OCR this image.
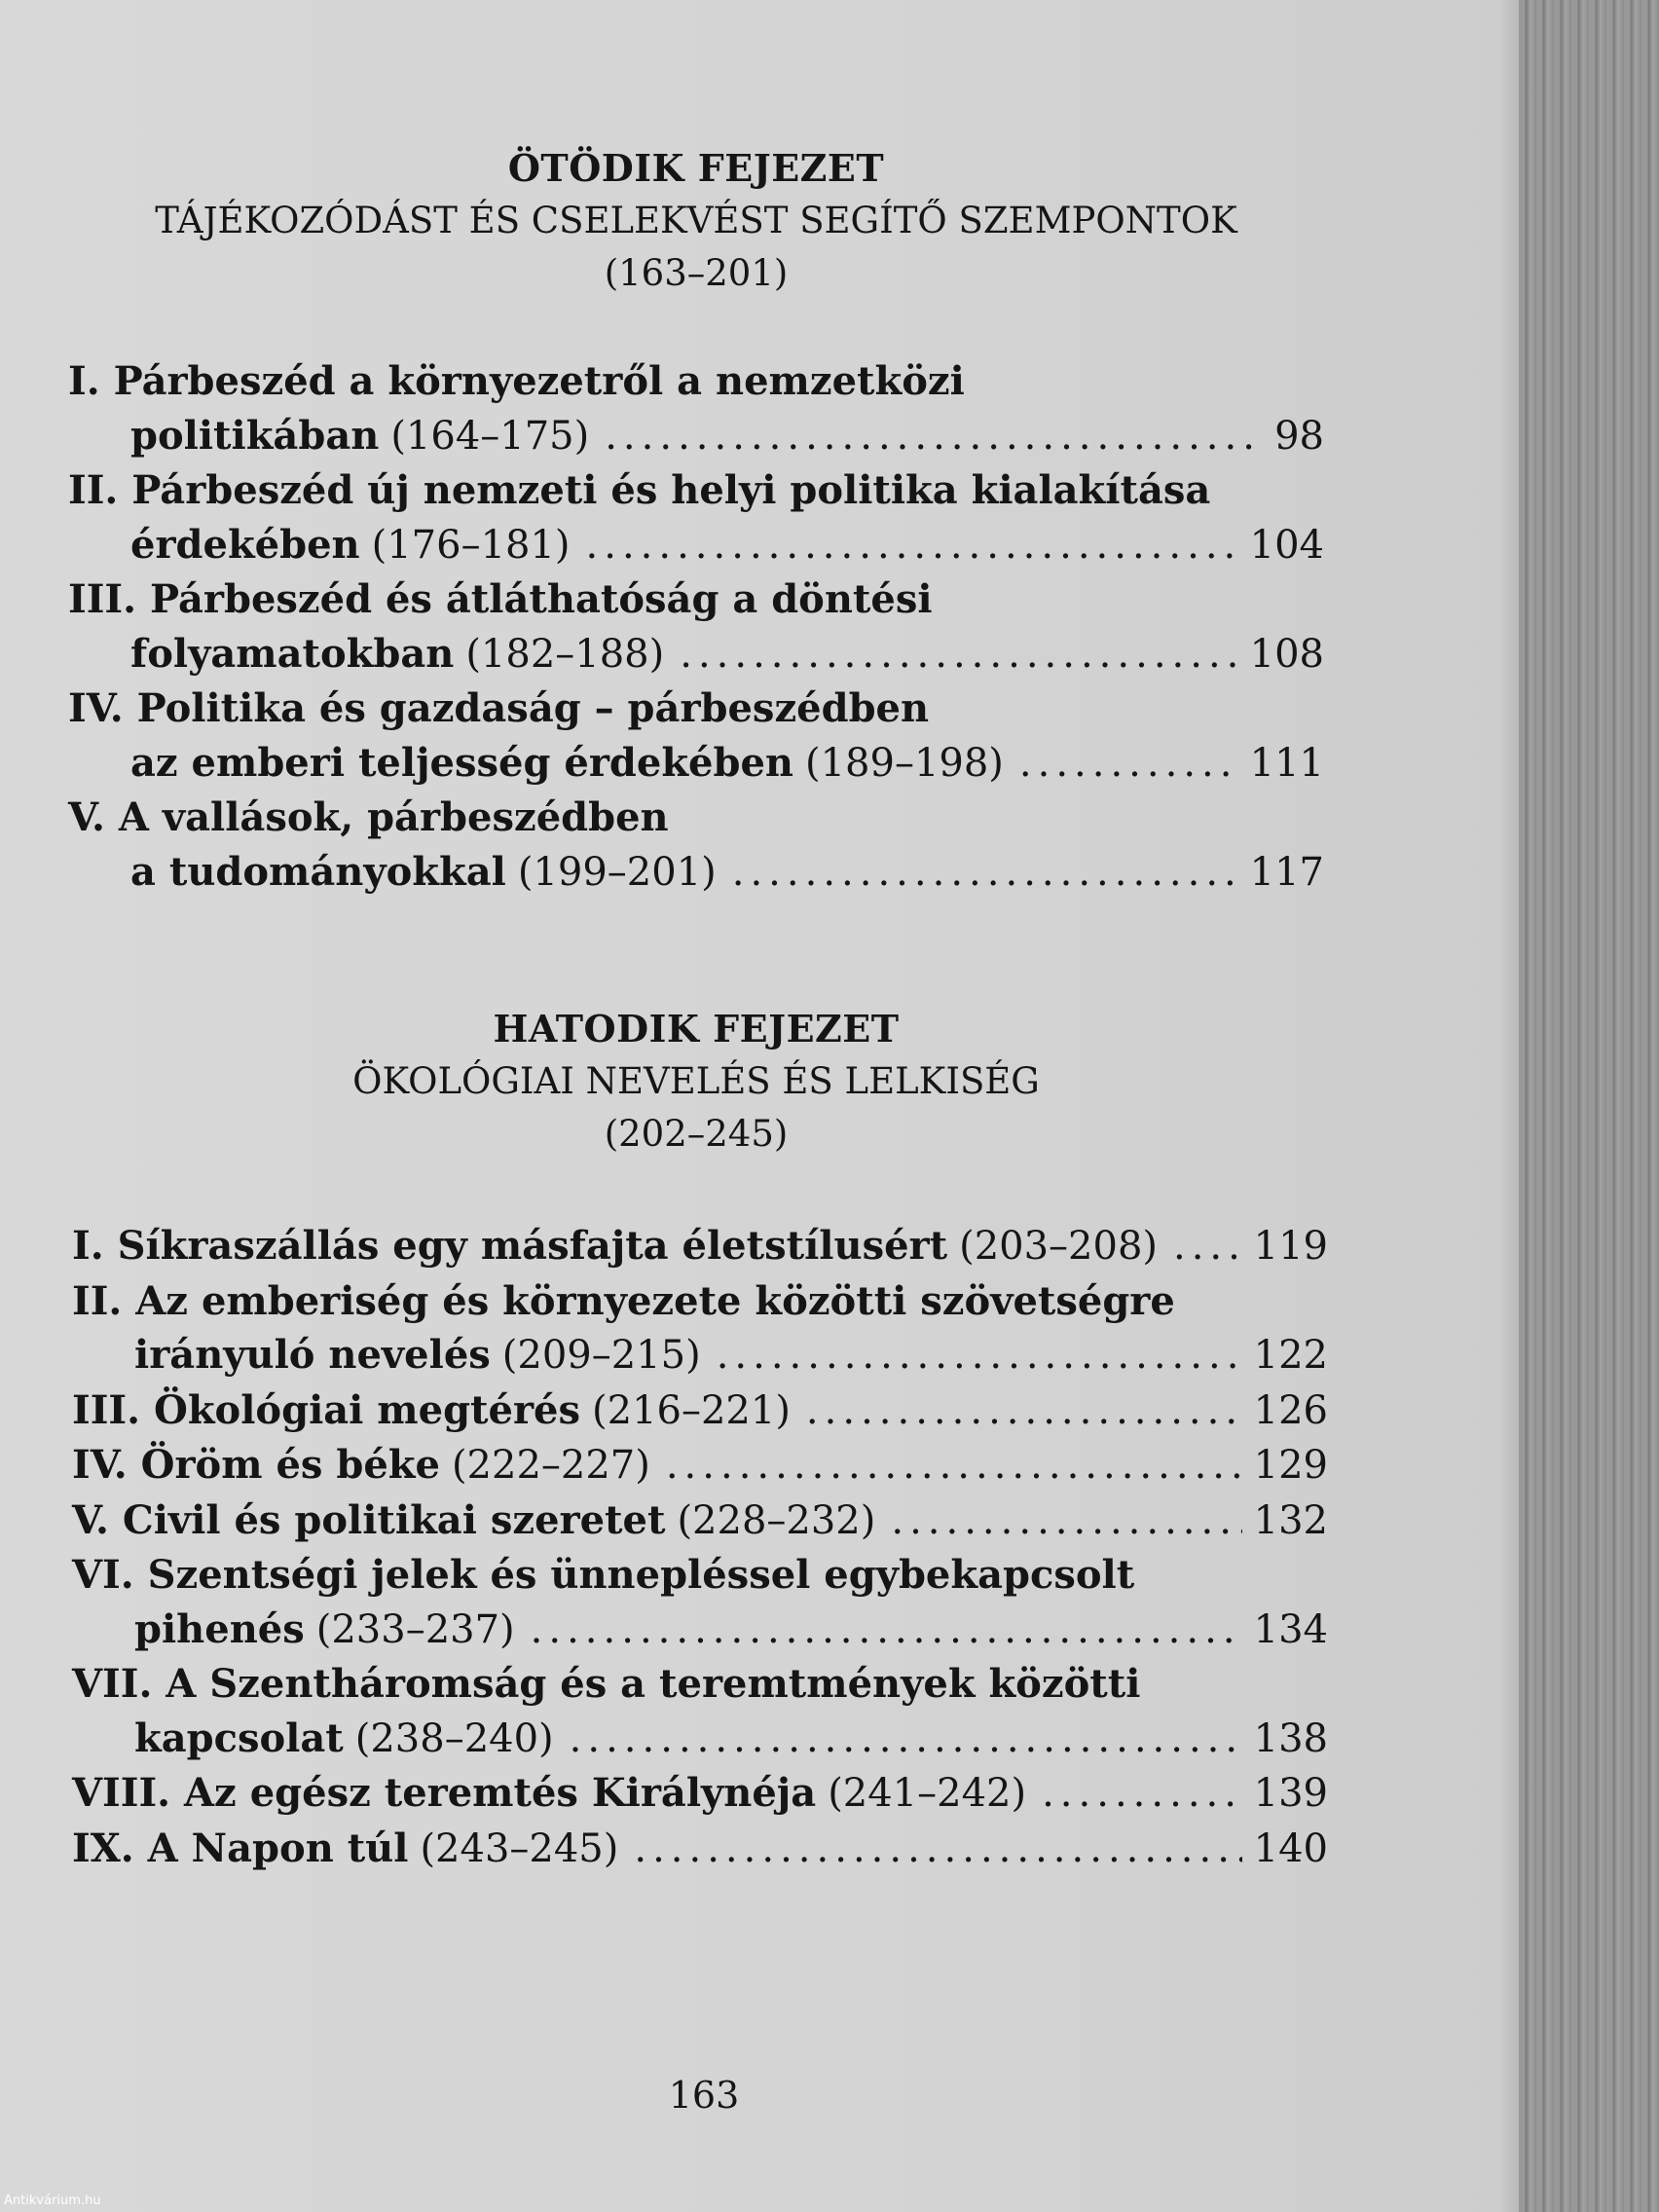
ÖTÖDIK FEJEZET
TÁJÉKOZÓDÁST ÉS CSELEKVÉST SEGÍTŐ SZEMPONTOK
(163–201)
I. Párbeszéd a környezetről a nemzetközi
politikában (164–175) .....	98
II. Párbeszéd új nemzeti és helyi politika kialakítása
érdekében (176–181) .....	104
III. Párbeszéd és átláthatóság a döntési
folyamatokban (182–188) .....	108
IV. Politika és gazdaság – párbeszédben
az emberi teljesség érdekében (189–198) .....	111
V. A vallások, párbeszédben
a tudományokkal (199–201) .....	117
HATODIK FEJEZET
ÖKOLÓGIAI NEVELÉS ÉS LELKISÉG
(202–245)
I. Síkraszállás egy másfajta életstílusért (203–208) ..... 119
II. Az emberiség és környezete közötti szövetségre
irányuló nevelés (209–215) .....	122
III. Ökológiai megtérés (216–221) .....	126
IV. Öröm és béke (222–227) .....	129
V. Civil és politikai szeretet (228–232) .....	132
VI. Szentségi jelek és ünnepléssel egybekapcsolt
pihenés (233–237) .....	134
VII. A Szentháromság és a teremtmények közötti
kapcsolat (238–240) .....	138
VIII. Az egész teremtés Királynéja (241–242) .....	139
IX. A Napon túl (243–245) .....	140
163
Antikvárium.hu
